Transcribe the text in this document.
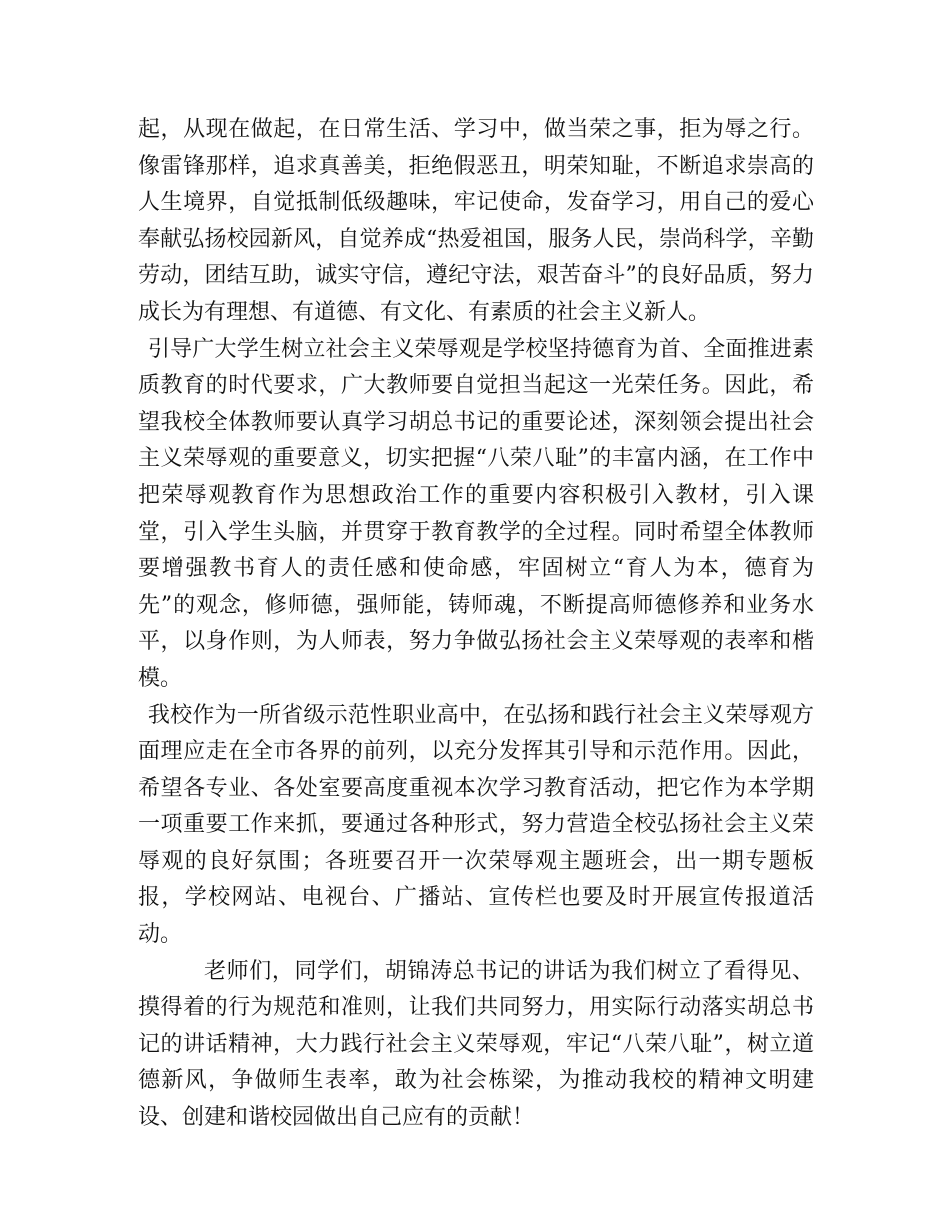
起，从现在做起，在日常生活、学习中，做当荣之事，拒为辱之行。像雷锋那样，追求真善美，拒绝假恶丑，明荣知耻，不断追求崇高的人生境界，自觉抵制低级趣味，牢记使命，发奋学习，用自己的爱心奉献弘扬校园新风，自觉养成“热爱祖国，服务人民，崇尚科学，辛勤劳动，团结互助，诚实守信，遵纪守法，艰苦奋斗”的良好品质，努力成长为有理想、有道德、有文化、有素质的社会主义新人。

引导广大学生树立社会主义荣辱观是学校坚持德育为首、全面推进素质教育的时代要求，广大教师要自觉担当起这一光荣任务。因此，希望我校全体教师要认真学习胡总书记的重要论述，深刻领会提出社会主义荣辱观的重要意义，切实把握“八荣八耻”的丰富内涵，在工作中把荣辱观教育作为思想政治工作的重要内容积极引入教材，引入课堂，引入学生头脑，并贯穿于教育教学的全过程。同时希望全体教师要增强教书育人的责任感和使命感，牢固树立“育人为本，德育为先”的观念，修师德，强师能，铸师魂，不断提高师德修养和业务水平，以身作则，为人师表，努力争做弘扬社会主义荣辱观的表率和楷模。

我校作为一所省级示范性职业高中，在弘扬和践行社会主义荣辱观方面理应走在全市各界的前列，以充分发挥其引导和示范作用。因此，希望各专业、各处室要高度重视本次学习教育活动，把它作为本学期一项重要工作来抓，要通过各种形式，努力营造全校弘扬社会主义荣辱观的良好氛围；各班要召开一次荣辱观主题班会，出一期专题板报，学校网站、电视台、广播站、宣传栏也要及时开展宣传报道活动。

老师们，同学们，胡锦涛总书记的讲话为我们树立了看得见、摸得着的行为规范和准则，让我们共同努力，用实际行动落实胡总书记的讲话精神，大力践行社会主义荣辱观，牢记“八荣八耻”，树立道德新风，争做师生表率，敢为社会栋梁，为推动我校的精神文明建设、创建和谐校园做出自己应有的贡献！
